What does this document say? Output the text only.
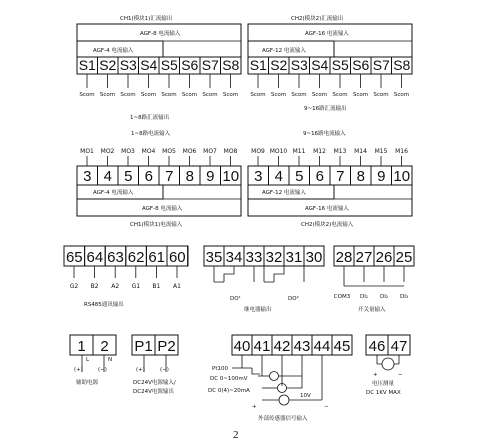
CH1(模块1)汇流输出
AGF-8 电流输入
AGF-4 电流输入
S1 S2 S3 S4 S5 S6 S7 S8
Scom Scom Scom Scom Scom Scom Scom Scom
1~8路汇流输出
CH2(模块2)汇流输出
AGF-16 电流输入
AGF-12 电流输入
S1 S2 S3 S4 S5 S6 S7 S8
Scom Scom Scom Scom Scom Scom Scom Scom
9~16路汇流输出
1~8路电流输入
MO1 MO2 MO3 MO4 MO5 MO6 MO7 MO8
3 4 5 6 7 8 9 10
AGF-4 电流输入
AGF-8 电流输入
CH1(模块1)电流输入
9~16路电流输入
MO9 MO10 M11 M12 M13 M14 M15 M16
3 4 5 6 7 8 9 10
AGF-12 电流输入
AGF-16 电流输入
CH2(模块2)电流输入
65 64 63 62 61 60
G2 B2 A2 G1 B1 A1
RS485通讯输出
35 34 33 32 31 30
DO¹	DO²
继电器输出
28 27 26 25
COM3 DI₁ DI₂ DI₃
开关量输入
1 2
L	N
(+)	(−)
辅助电源
P1 P2
(+)	(−)
DC24V电源输入/
DC24V电源输出
40 41 42 43 44 45
Pt100
DC 0~100mV
DC 0(4)~20mA
10V
+	−
外部传感器信号输入
46 47
+	−
电压测量
DC 1KV MAX
2
